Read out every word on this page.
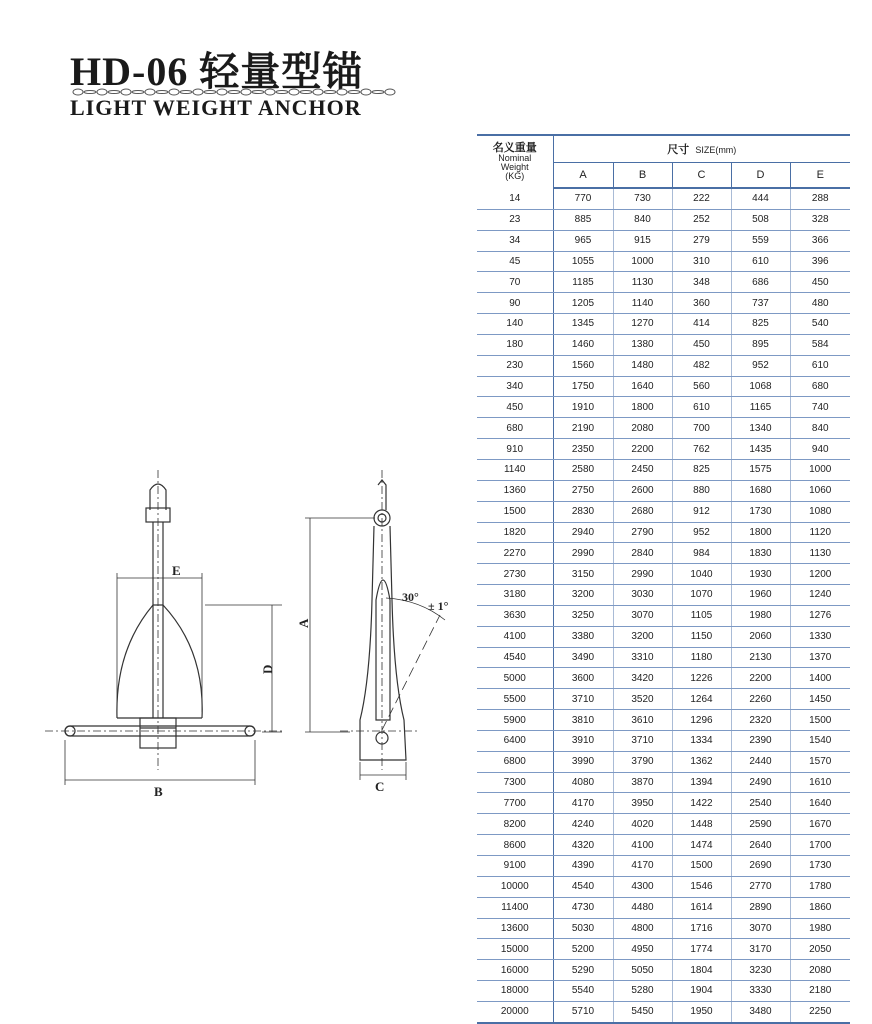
HD-06 轻量型锚
LIGHT WEIGHT ANCHOR
E
D
B
A
C
30°
± 1°
名义重量
Nominal
Weight
(KG)	尺寸 SIZE(mm)				
	A	B	C	D	E
14	770	730	222	444	288
23	885	840	252	508	328
34	965	915	279	559	366
45	1055	1000	310	610	396
70	1185	1130	348	686	450
90	1205	1140	360	737	480
140	1345	1270	414	825	540
180	1460	1380	450	895	584
230	1560	1480	482	952	610
340	1750	1640	560	1068	680
450	1910	1800	610	1165	740
680	2190	2080	700	1340	840
910	2350	2200	762	1435	940
1140	2580	2450	825	1575	1000
1360	2750	2600	880	1680	1060
1500	2830	2680	912	1730	1080
1820	2940	2790	952	1800	1120
2270	2990	2840	984	1830	1130
2730	3150	2990	1040	1930	1200
3180	3200	3030	1070	1960	1240
3630	3250	3070	1105	1980	1276
4100	3380	3200	1150	2060	1330
4540	3490	3310	1180	2130	1370
5000	3600	3420	1226	2200	1400
5500	3710	3520	1264	2260	1450
5900	3810	3610	1296	2320	1500
6400	3910	3710	1334	2390	1540
6800	3990	3790	1362	2440	1570
7300	4080	3870	1394	2490	1610
7700	4170	3950	1422	2540	1640
8200	4240	4020	1448	2590	1670
8600	4320	4100	1474	2640	1700
9100	4390	4170	1500	2690	1730
10000	4540	4300	1546	2770	1780
11400	4730	4480	1614	2890	1860
13600	5030	4800	1716	3070	1980
15000	5200	4950	1774	3170	2050
16000	5290	5050	1804	3230	2080
18000	5540	5280	1904	3330	2180
20000	5710	5450	1950	3480	2250
